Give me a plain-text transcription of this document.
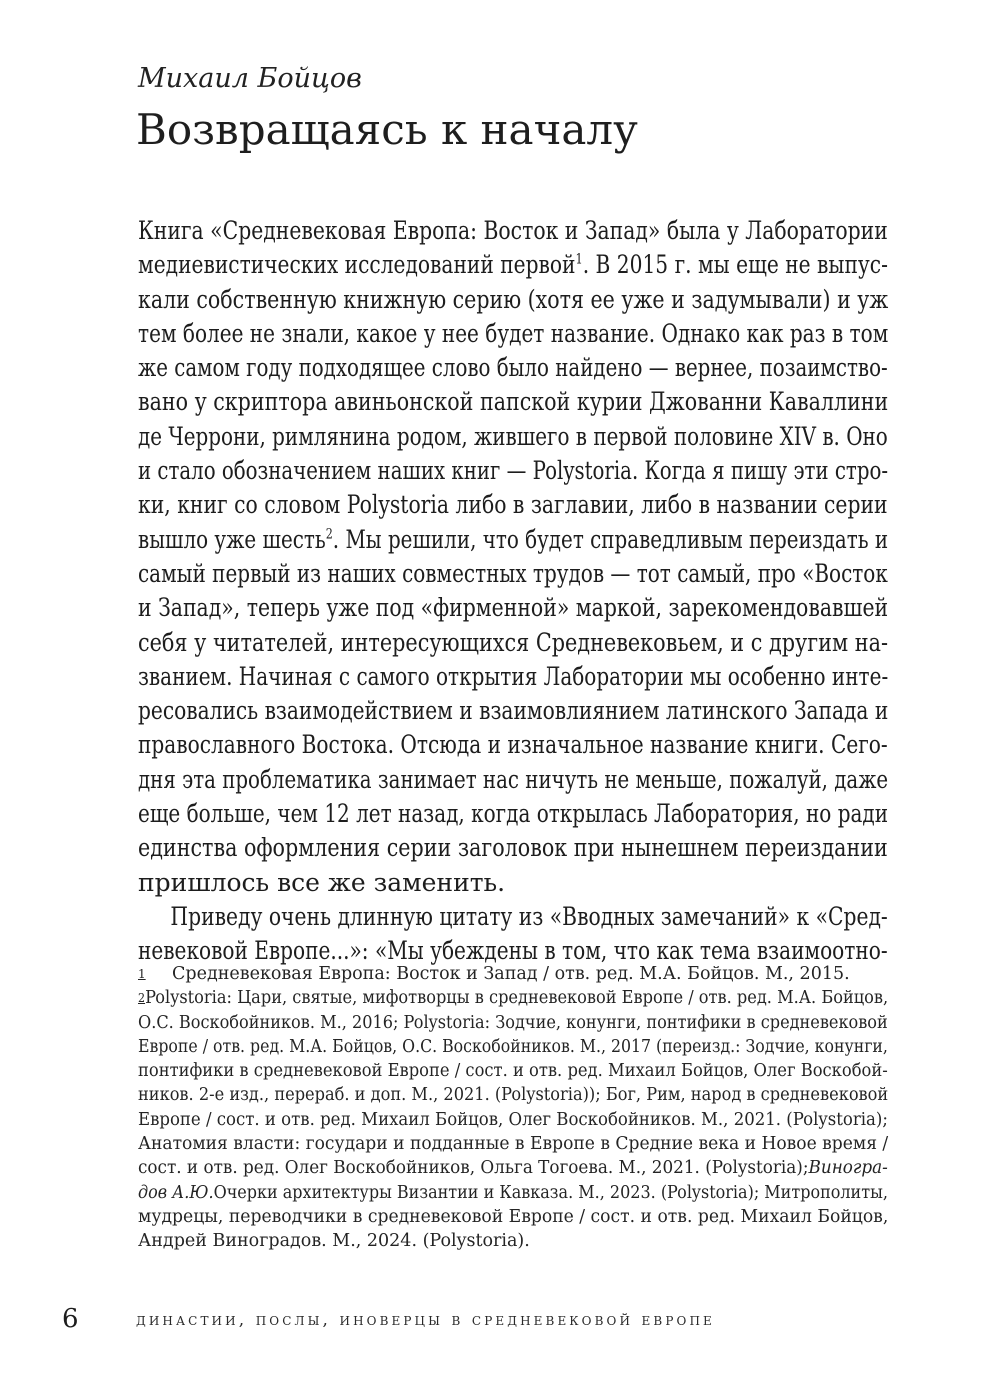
Михаил Бойцов
Возвращаясь к началу
Книга «Средневековая Европа: Восток и Запад» была у Лаборатории
медиевистических исследований первой$^1$. В 2015 г. мы еще не выпус-
кали собственную книжную серию (хотя ее уже и задумывали) и уж
тем более не знали, какое у нее будет название. Однако как раз в том
же самом году подходящее слово было найдено — вернее, позаимство-
вано у скриптора авиньонской папской курии Джованни Каваллини
де Черрони, римлянина родом, жившего в первой половине XIV в. Оно
и стало обозначением наших книг — Polystoria. Когда я пишу эти стро-
ки, книг со словом Polystoria либо в заглавии, либо в названии серии
вышло уже шесть$^2$. Мы решили, что будет справедливым переиздать и
самый первый из наших совместных трудов — тот самый, про «Восток
и Запад», теперь уже под «фирменной» маркой, зарекомендовавшей
себя у читателей, интересующихся Средневековьем, и с другим на-
званием. Начиная с самого открытия Лаборатории мы особенно инте-
ресовались взаимодействием и взаимовлиянием латинского Запада и
православного Востока. Отсюда и изначальное название книги. Сего-
дня эта проблематика занимает нас ничуть не меньше, пожалуй, даже
еще больше, чем 12 лет назад, когда открылась Лаборатория, но ради
единства оформления серии заголовок при нынешнем переиздании
пришлось все же заменить.
Приведу очень длинную цитату из «Вводных замечаний» к «Сред-
невековой Европе...»: «Мы убеждены в том, что как тема взаимоотно-
1	Средневековая Европа: Восток и Запад / отв. ред. М.А. Бойцов. М., 2015.
2 Polystoria: Цари, святые, мифотворцы в средневековой Европе / отв. ред. М.А. Бойцов,
О.С. Воскобойников. М., 2016; Polystoria: Зодчие, конунги, понтифики в средневековой
Европе / отв. ред. М.А. Бойцов, О.С. Воскобойников. М., 2017 (переизд.: Зодчие, конунги,
понтифики в средневековой Европе / сост. и отв. ред. Михаил Бойцов, Олег Воскобой-
ников. 2-е изд., перераб. и доп. М., 2021. (Polystoria)); Бог, Рим, народ в средневековой
Европе / сост. и отв. ред. Михаил Бойцов, Олег Воскобойников. М., 2021. (Polystoria);
Анатомия власти: государи и подданные в Европе в Средние века и Новое время /
сост. и отв. ред. Олег Воскобойников, Ольга Тогоева. М., 2021. (Polystoria); Виногра-
дов А.Ю. Очерки архитектуры Византии и Кавказа. М., 2023. (Polystoria); Митрополиты,
мудрецы, переводчики в средневековой Европе / сост. и отв. ред. Михаил Бойцов,
Андрей Виноградов. М., 2024. (Polystoria).
6	династии, послы, иноверцы в средневековой европе
